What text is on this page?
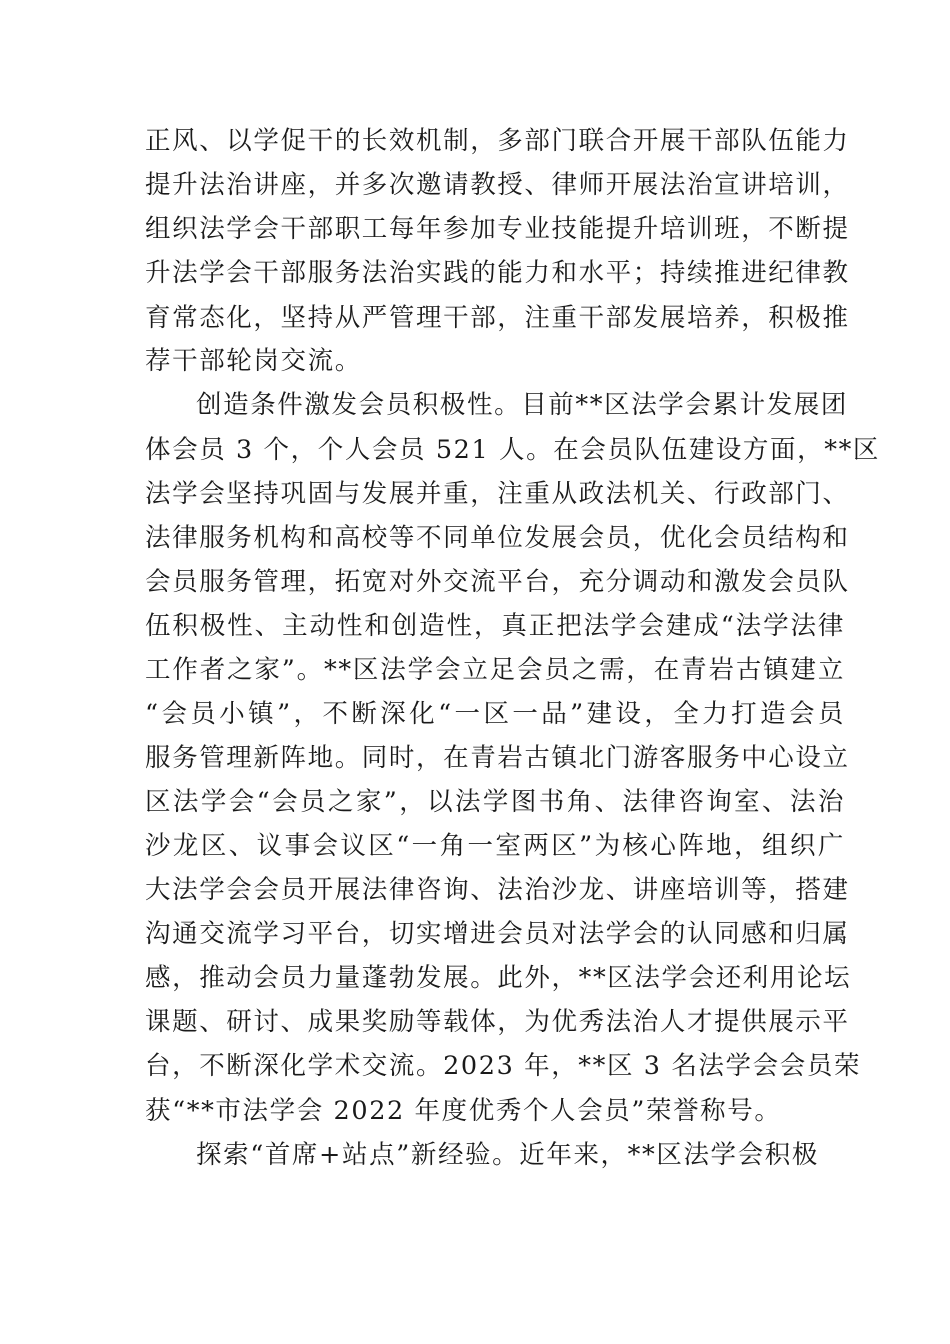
正风、以学促干的长效机制，多部门联合开展干部队伍能力
提升法治讲座，并多次邀请教授、律师开展法治宣讲培训，
组织法学会干部职工每年参加专业技能提升培训班，不断提
升法学会干部服务法治实践的能力和水平；持续推进纪律教
育常态化，坚持从严管理干部，注重干部发展培养，积极推
荐干部轮岗交流。
创造条件激发会员积极性。目前**区法学会累计发展团
体会员 3 个，个人会员 521 人。在会员队伍建设方面，**区
法学会坚持巩固与发展并重，注重从政法机关、行政部门、
法律服务机构和高校等不同单位发展会员，优化会员结构和
会员服务管理，拓宽对外交流平台，充分调动和激发会员队
伍积极性、主动性和创造性，真正把法学会建成“法学法律
工作者之家”。**区法学会立足会员之需，在青岩古镇建立
“会员小镇”，不断深化“一区一品”建设，全力打造会员
服务管理新阵地。同时，在青岩古镇北门游客服务中心设立
区法学会“会员之家”，以法学图书角、法律咨询室、法治
沙龙区、议事会议区“一角一室两区”为核心阵地，组织广
大法学会会员开展法律咨询、法治沙龙、讲座培训等，搭建
沟通交流学习平台，切实增进会员对法学会的认同感和归属
感，推动会员力量蓬勃发展。此外，**区法学会还利用论坛
课题、研讨、成果奖励等载体，为优秀法治人才提供展示平
台，不断深化学术交流。2023 年，**区 3 名法学会会员荣
获“**市法学会 2022 年度优秀个人会员”荣誉称号。
探索“首席+站点”新经验。近年来，**区法学会积极
